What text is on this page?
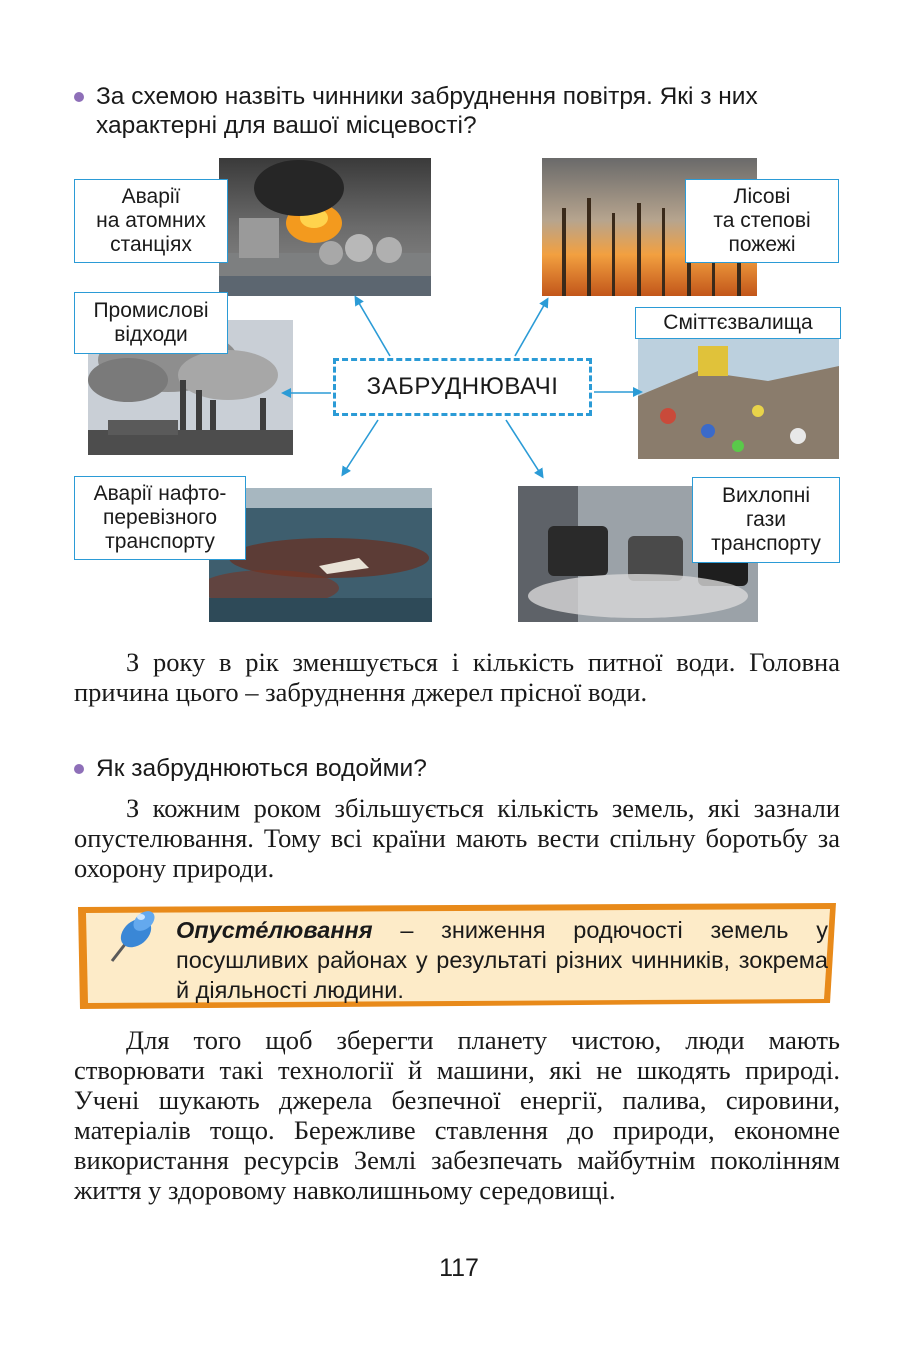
За схемою назвіть чинники забруднення повітря. Які з них характерні для вашої місцевості?
Аварії
на атомних
станціях
Промислові
відходи
Аварії нафто-
перевізного
транспорту
Лісові
та степові
пожежі
Сміттєзвалища
Вихлопні
гази
транспорту
ЗАБРУДНЮВАЧІ
З року в рік зменшується і кількість питної води. Головна причина цього – забруднення джерел прісної води.
Як забруднюються водойми?
З кожним роком збільшується кількість земель, які зазнали опустелювання. Тому всі країни мають вести спільну боротьбу за охорону природи.
Опусте́лювання – зниження родючості земель у посушливих районах у результаті різних чинників, зокрема й діяльності людини.
Для того щоб зберегти планету чистою, люди мають створювати такі технології й машини, які не шкодять природі. Учені шукають джерела безпечної енергії, палива, сировини, матеріалів тощо. Бережливе ставлення до природи, економне використання ресурсів Землі забезпечать майбутнім поколінням життя у здоровому навколишньому середовищі.
117
